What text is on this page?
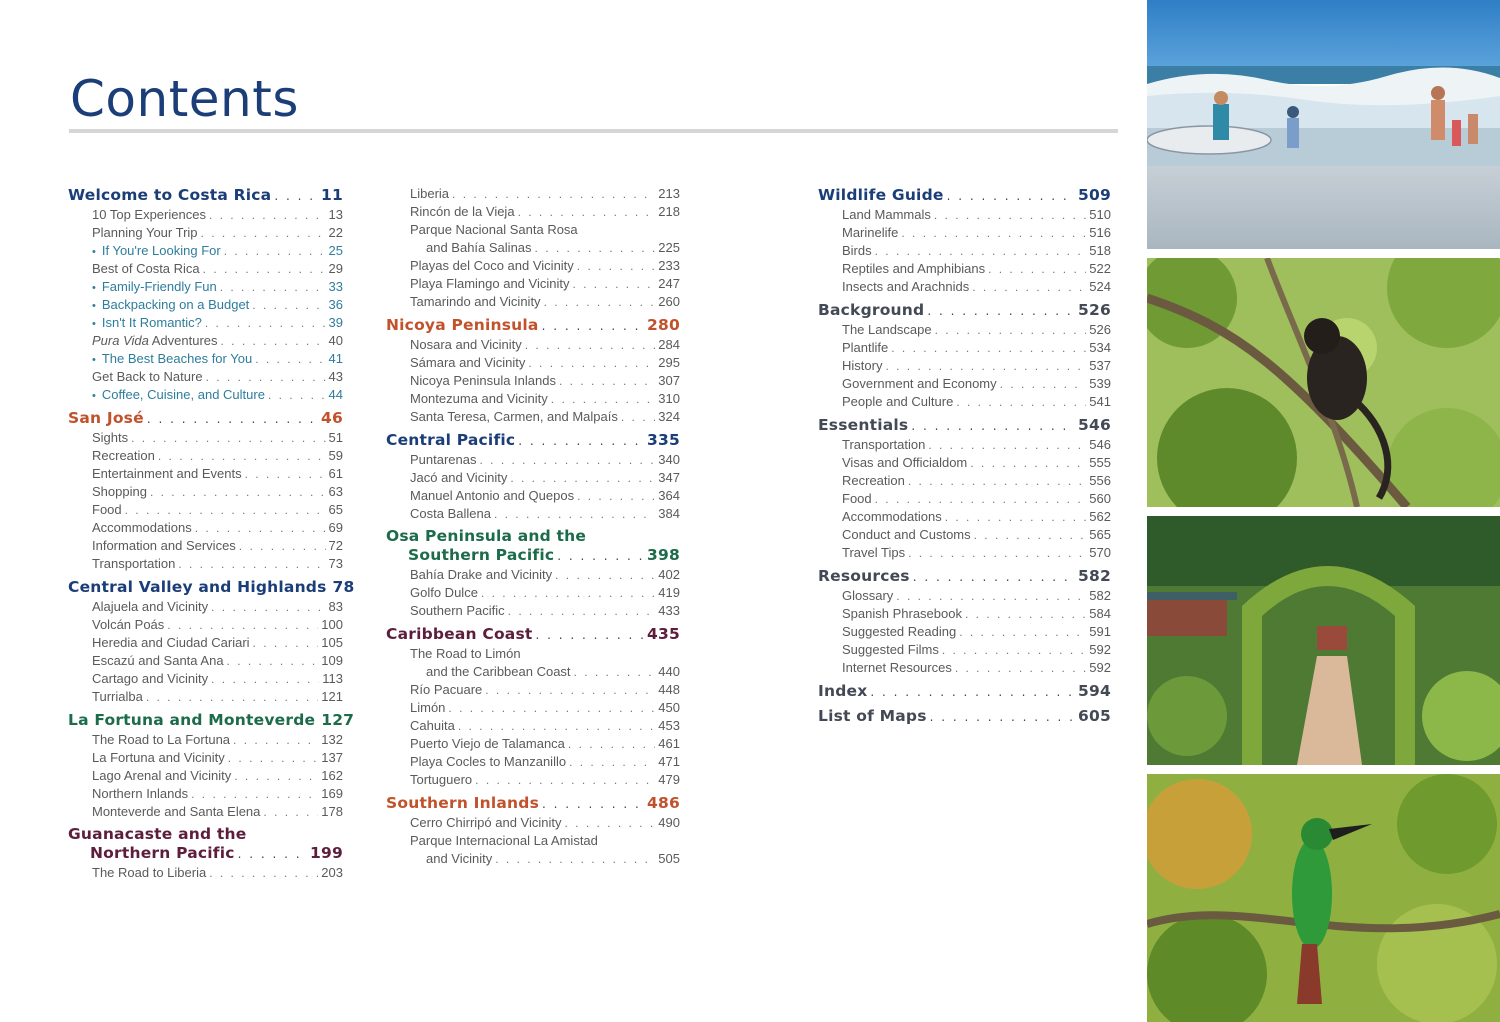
Contents
Welcome to Costa Rica . . .	11
10 Top Experiences . . .	13
Planning Your Trip . . .	22
• If You're Looking For . . .	25
Best of Costa Rica . . .	29
• Family-Friendly Fun . . .	33
• Backpacking on a Budget . . .	36
• Isn't It Romantic? . . .	39
Pura Vida Adventures . . .	40
• The Best Beaches for You . . .	41
Get Back to Nature . . .	43
• Coffee, Cuisine, and Culture . . .	44
San José . . .	46
Sights . . .	51
Recreation . . .	59
Entertainment and Events . . .	61
Shopping . . .	63
Food . . .	65
Accommodations . . .	69
Information and Services . . .	72
Transportation . . .	73
Central Valley and Highlands 78
Alajuela and Vicinity . . .	83
Volcán Poás . . .	100
Heredia and Ciudad Cariari . . .	105
Escazú and Santa Ana . . .	109
Cartago and Vicinity . . .	113
Turrialba . . .	121
La Fortuna and Monteverde 127
The Road to La Fortuna . . .	132
La Fortuna and Vicinity . . .	137
Lago Arenal and Vicinity . . .	162
Northern Inlands . . .	169
Monteverde and Santa Elena . . .	178
Guanacaste and the
Northern Pacific . . .	199
The Road to Liberia . . .	203
Liberia . . .	213
Rincón de la Vieja . . .	218
Parque Nacional Santa Rosa
and Bahía Salinas . . .	225
Playas del Coco and Vicinity . . .	233
Playa Flamingo and Vicinity . . .	247
Tamarindo and Vicinity . . .	260
Nicoya Peninsula . . .	280
Nosara and Vicinity . . .	284
Sámara and Vicinity . . .	295
Nicoya Peninsula Inlands . . .	307
Montezuma and Vicinity . . .	310
Santa Teresa, Carmen, and Malpaís . . .	324
Central Pacific . . .	335
Puntarenas . . .	340
Jacó and Vicinity . . .	347
Manuel Antonio and Quepos . . .	364
Costa Ballena . . .	384
Osa Peninsula and the
Southern Pacific . . .	398
Bahía Drake and Vicinity . . .	402
Golfo Dulce . . .	419
Southern Pacific . . .	433
Caribbean Coast . . .	435
The Road to Limón
and the Caribbean Coast . . .	440
Río Pacuare . . .	448
Limón . . .	450
Cahuita . . .	453
Puerto Viejo de Talamanca . . .	461
Playa Cocles to Manzanillo . . .	471
Tortuguero . . .	479
Southern Inlands . . .	486
Cerro Chirripó and Vicinity . . .	490
Parque Internacional La Amistad
and Vicinity . . .	505
Wildlife Guide . . .	509
Land Mammals . . .	510
Marinelife . . .	516
Birds . . .	518
Reptiles and Amphibians . . .	522
Insects and Arachnids . . .	524
Background . . .	526
The Landscape . . .	526
Plantlife . . .	534
History . . .	537
Government and Economy . . .	539
People and Culture . . .	541
Essentials . . .	546
Transportation . . .	546
Visas and Officialdom . . .	555
Recreation . . .	556
Food . . .	560
Accommodations . . .	562
Conduct and Customs . . .	565
Travel Tips . . .	570
Resources . . .	582
Glossary . . .	582
Spanish Phrasebook . . .	584
Suggested Reading . . .	591
Suggested Films . . .	592
Internet Resources . . .	592
Index . . .	594
List of Maps . . .	605
